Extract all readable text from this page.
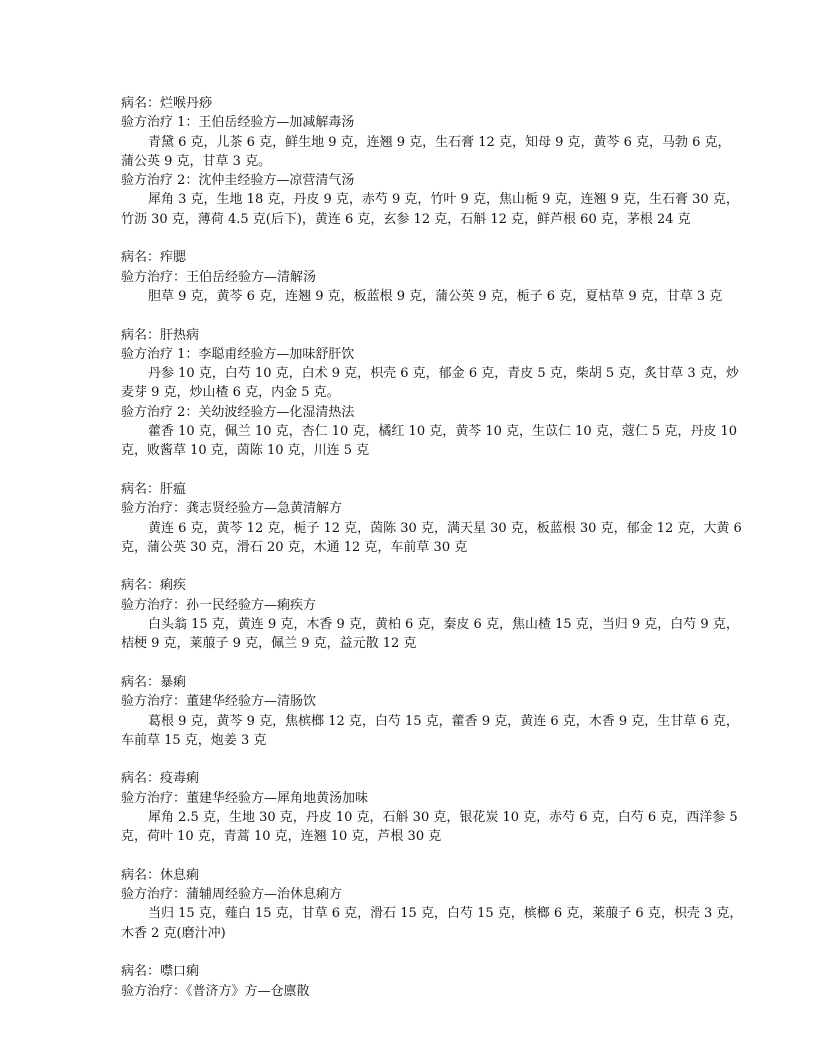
病名：烂喉丹痧
验方治疗 1：王伯岳经验方—加减解毒汤
青黛 6 克，儿茶 6 克，鲜生地 9 克，连翘 9 克，生石膏 12 克，知母 9 克，黄芩 6 克，马勃 6 克，
蒲公英 9 克，甘草 3 克。
验方治疗 2：沈仲圭经验方—凉营清气汤
犀角 3 克，生地 18 克，丹皮 9 克，赤芍 9 克，竹叶 9 克，焦山栀 9 克，连翘 9 克，生石膏 30 克，
竹沥 30 克，薄荷 4.5 克(后下)，黄连 6 克，玄参 12 克，石斛 12 克，鲜芦根 60 克，茅根 24 克
病名：痄腮
验方治疗：王伯岳经验方—清解汤
胆草 9 克，黄芩 6 克，连翘 9 克，板蓝根 9 克，蒲公英 9 克，栀子 6 克，夏枯草 9 克，甘草 3 克
病名：肝热病
验方治疗 1：李聪甫经验方—加味舒肝饮
丹参 10 克，白芍 10 克，白术 9 克，枳壳 6 克，郁金 6 克，青皮 5 克，柴胡 5 克，炙甘草 3 克，炒
麦芽 9 克，炒山楂 6 克，内金 5 克。
验方治疗 2：关幼波经验方—化湿清热法
藿香 10 克，佩兰 10 克，杏仁 10 克，橘红 10 克，黄芩 10 克，生苡仁 10 克，蔻仁 5 克，丹皮 10
克，败酱草 10 克，茵陈 10 克，川连 5 克
病名：肝瘟
验方治疗：龚志贤经验方—急黄清解方
黄连 6 克，黄芩 12 克，栀子 12 克，茵陈 30 克，满天星 30 克，板蓝根 30 克，郁金 12 克，大黄 6
克，蒲公英 30 克，滑石 20 克，木通 12 克，车前草 30 克
病名：痢疾
验方治疗：孙一民经验方—痢疾方
白头翁 15 克，黄连 9 克，木香 9 克，黄柏 6 克，秦皮 6 克，焦山楂 15 克，当归 9 克，白芍 9 克，
桔梗 9 克，莱菔子 9 克，佩兰 9 克，益元散 12 克
病名：暴痢
验方治疗：董建华经验方—清肠饮
葛根 9 克，黄芩 9 克，焦槟榔 12 克，白芍 15 克，藿香 9 克，黄连 6 克，木香 9 克，生甘草 6 克，
车前草 15 克，炮姜 3 克
病名：疫毒痢
验方治疗：董建华经验方—犀角地黄汤加味
犀角 2.5 克，生地 30 克，丹皮 10 克，石斛 30 克，银花炭 10 克，赤芍 6 克，白芍 6 克，西洋参 5
克，荷叶 10 克，青蒿 10 克，连翘 10 克，芦根 30 克
病名：休息痢
验方治疗：蒲辅周经验方—治休息痢方
当归 15 克，薤白 15 克，甘草 6 克，滑石 15 克，白芍 15 克，槟榔 6 克，莱菔子 6 克，枳壳 3 克，
木香 2 克(磨汁冲)
病名：噤口痢
验方治疗：《普济方》方—仓廪散
